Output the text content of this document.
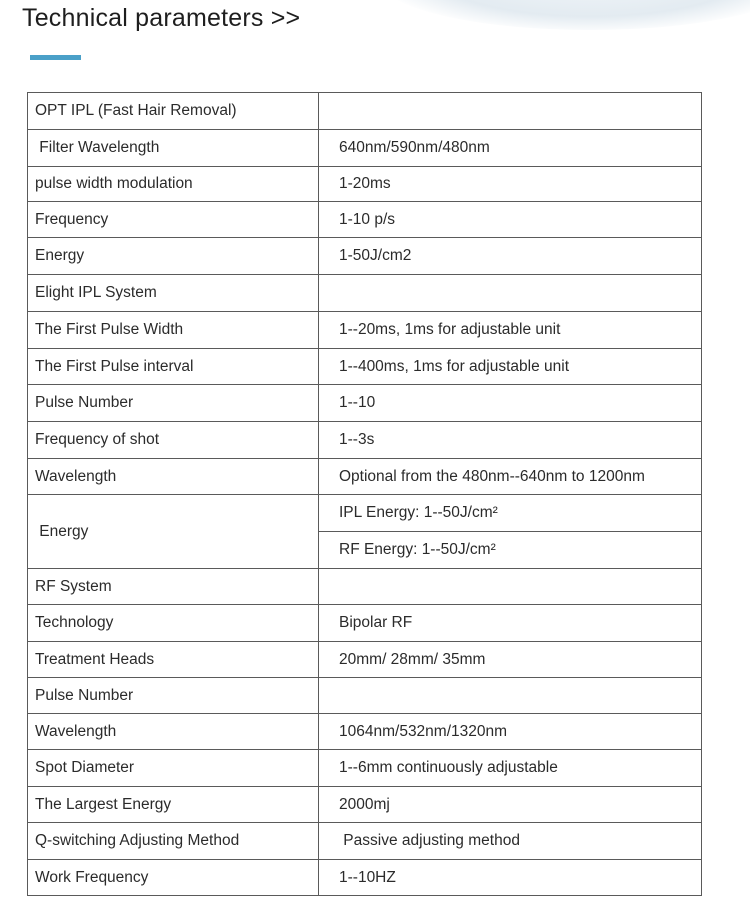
Technical parameters >>
OPT IPL (Fast Hair Removal)	
Filter Wavelength	640nm/590nm/480nm
pulse width modulation	1-20ms
Frequency	1-10 p/s
Energy	1-50J/cm2
Elight IPL System	
The First Pulse Width	1--20ms, 1ms for adjustable unit
The First Pulse interval	1--400ms, 1ms for adjustable unit
Pulse Number	1--10
Frequency of shot	1--3s
Wavelength	Optional from the 480nm--640nm to 1200nm
Energy	IPL Energy: 1--50J/cm²
	RF Energy: 1--50J/cm²
RF System	
Technology	Bipolar RF
Treatment Heads	20mm/ 28mm/ 35mm
Pulse Number	
Wavelength	1064nm/532nm/1320nm
Spot Diameter	1--6mm continuously adjustable
The Largest Energy	2000mj
Q-switching Adjusting Method	Passive adjusting method
Work Frequency	1--10HZ
